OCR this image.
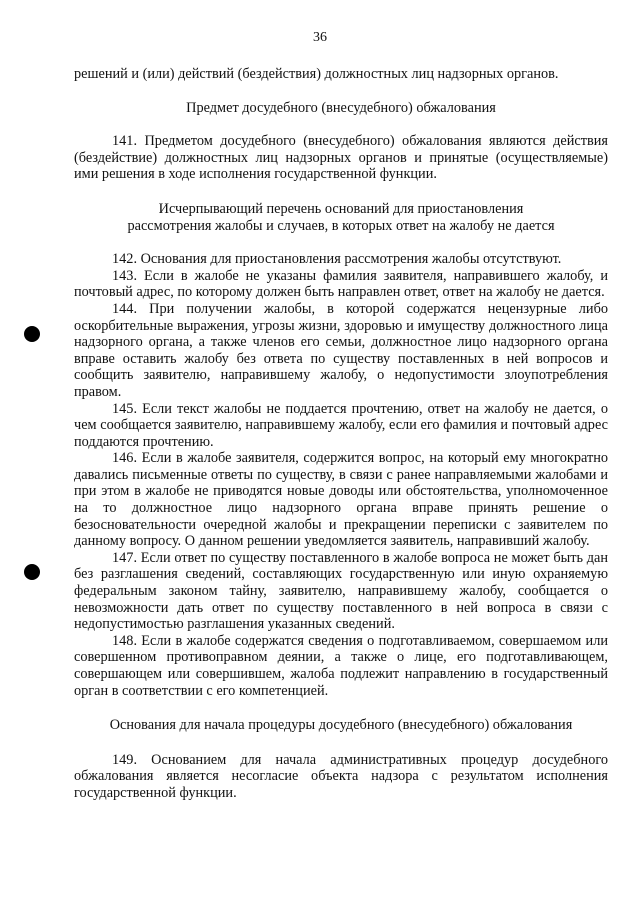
36

решений и (или) действий (бездействия) должностных лиц надзорных органов.

Предмет досудебного (внесудебного) обжалования

141. Предметом досудебного (внесудебного) обжалования являются действия (бездействие) должностных лиц надзорных органов и принятые (осуществляемые) ими решения в ходе исполнения государственной функции.

Исчерпывающий перечень оснований для приостановления

рассмотрения жалобы и случаев, в которых ответ на жалобу не дается

142. Основания для приостановления рассмотрения жалобы отсутствуют.

143. Если в жалобе не указаны фамилия заявителя, направившего жалобу, и почтовый адрес, по которому должен быть направлен ответ, ответ на жалобу не дается.

144. При получении жалобы, в которой содержатся нецензурные либо оскорбительные выражения, угрозы жизни, здоровью и имуществу должностного лица надзорного органа, а также членов его семьи, должностное лицо надзорного органа вправе оставить жалобу без ответа по существу поставленных в ней вопросов и сообщить заявителю, направившему жалобу, о недопустимости злоупотребления правом.

145. Если текст жалобы не поддается прочтению, ответ на жалобу не дается, о чем сообщается заявителю, направившему жалобу, если его фамилия и почтовый адрес поддаются прочтению.

146. Если в жалобе заявителя, содержится вопрос, на который ему многократно давались письменные ответы по существу, в связи с ранее направляемыми жалобами и при этом в жалобе не приводятся новые доводы или обстоятельства, уполномоченное на то должностное лицо надзорного органа вправе принять решение о безосновательности очередной жалобы и прекращении переписки с заявителем по данному вопросу. О данном решении уведомляется заявитель, направивший жалобу.

147. Если ответ по существу поставленного в жалобе вопроса не может быть дан без разглашения сведений, составляющих государственную или иную охраняемую федеральным законом тайну, заявителю, направившему жалобу, сообщается о невозможности дать ответ по существу поставленного в ней вопроса в связи с недопустимостью разглашения указанных сведений.

148. Если в жалобе содержатся сведения о подготавливаемом, совершаемом или совершенном противоправном деянии, а также о лице, его подготавливающем, совершающем или совершившем, жалоба подлежит направлению в государственный орган в соответствии с его компетенцией.

Основания для начала процедуры досудебного (внесудебного) обжалования

149. Основанием для начала административных процедур досудебного обжалования является несогласие объекта надзора с результатом исполнения государственной функции.
